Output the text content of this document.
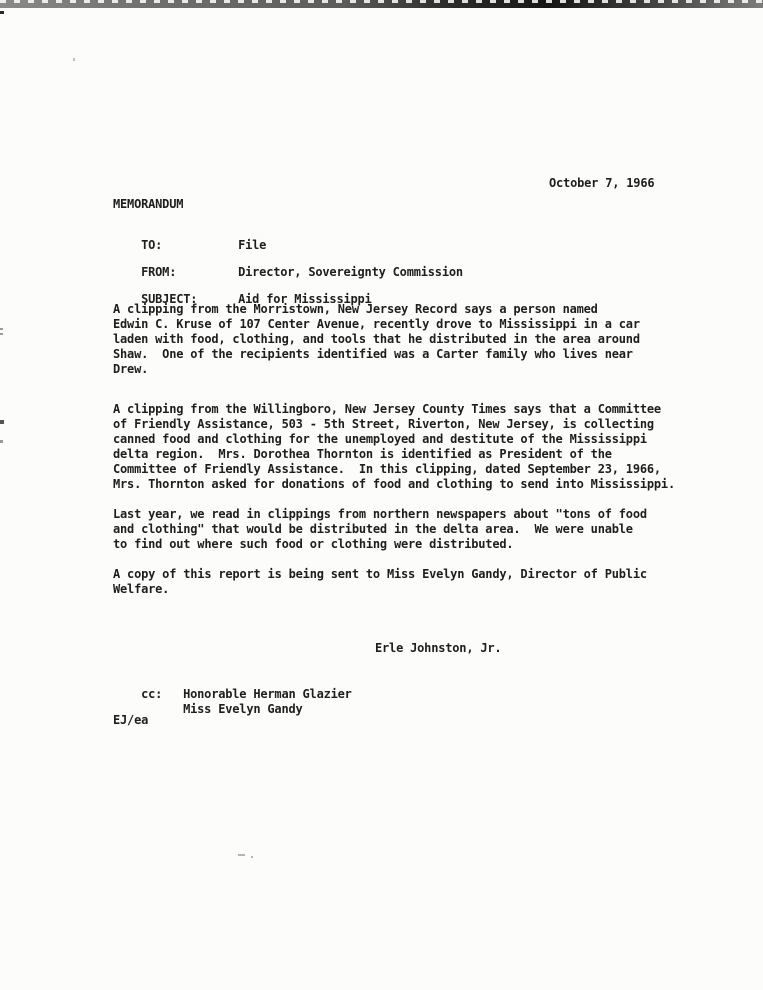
October 7, 1966
MEMORANDUM

TO:	File

FROM:	Director, Sovereignty Commission

SUBJECT:	Aid for Mississippi

A clipping from the Morristown, New Jersey Record says a person named
Edwin C. Kruse of 107 Center Avenue, recently drove to Mississippi in a car
laden with food, clothing, and tools that he distributed in the area around
Shaw.  One of the recipients identified was a Carter family who lives near
Drew.
A clipping from the Willingboro, New Jersey County Times says that a Committee
of Friendly Assistance, 503 - 5th Street, Riverton, New Jersey, is collecting
canned food and clothing for the unemployed and destitute of the Mississippi
delta region.  Mrs. Dorothea Thornton is identified as President of the
Committee of Friendly Assistance.  In this clipping, dated September 23, 1966,
Mrs. Thornton asked for donations of food and clothing to send into Mississippi.
Last year, we read in clippings from northern newspapers about "tons of food
and clothing" that would be distributed in the delta area.  We were unable
to find out where such food or clothing were distributed.
A copy of this report is being sent to Miss Evelyn Gandy, Director of Public
Welfare.
Erle Johnston, Jr.

cc: Honorable Herman Glazier

Miss Evelyn Gandy

EJ/ea
